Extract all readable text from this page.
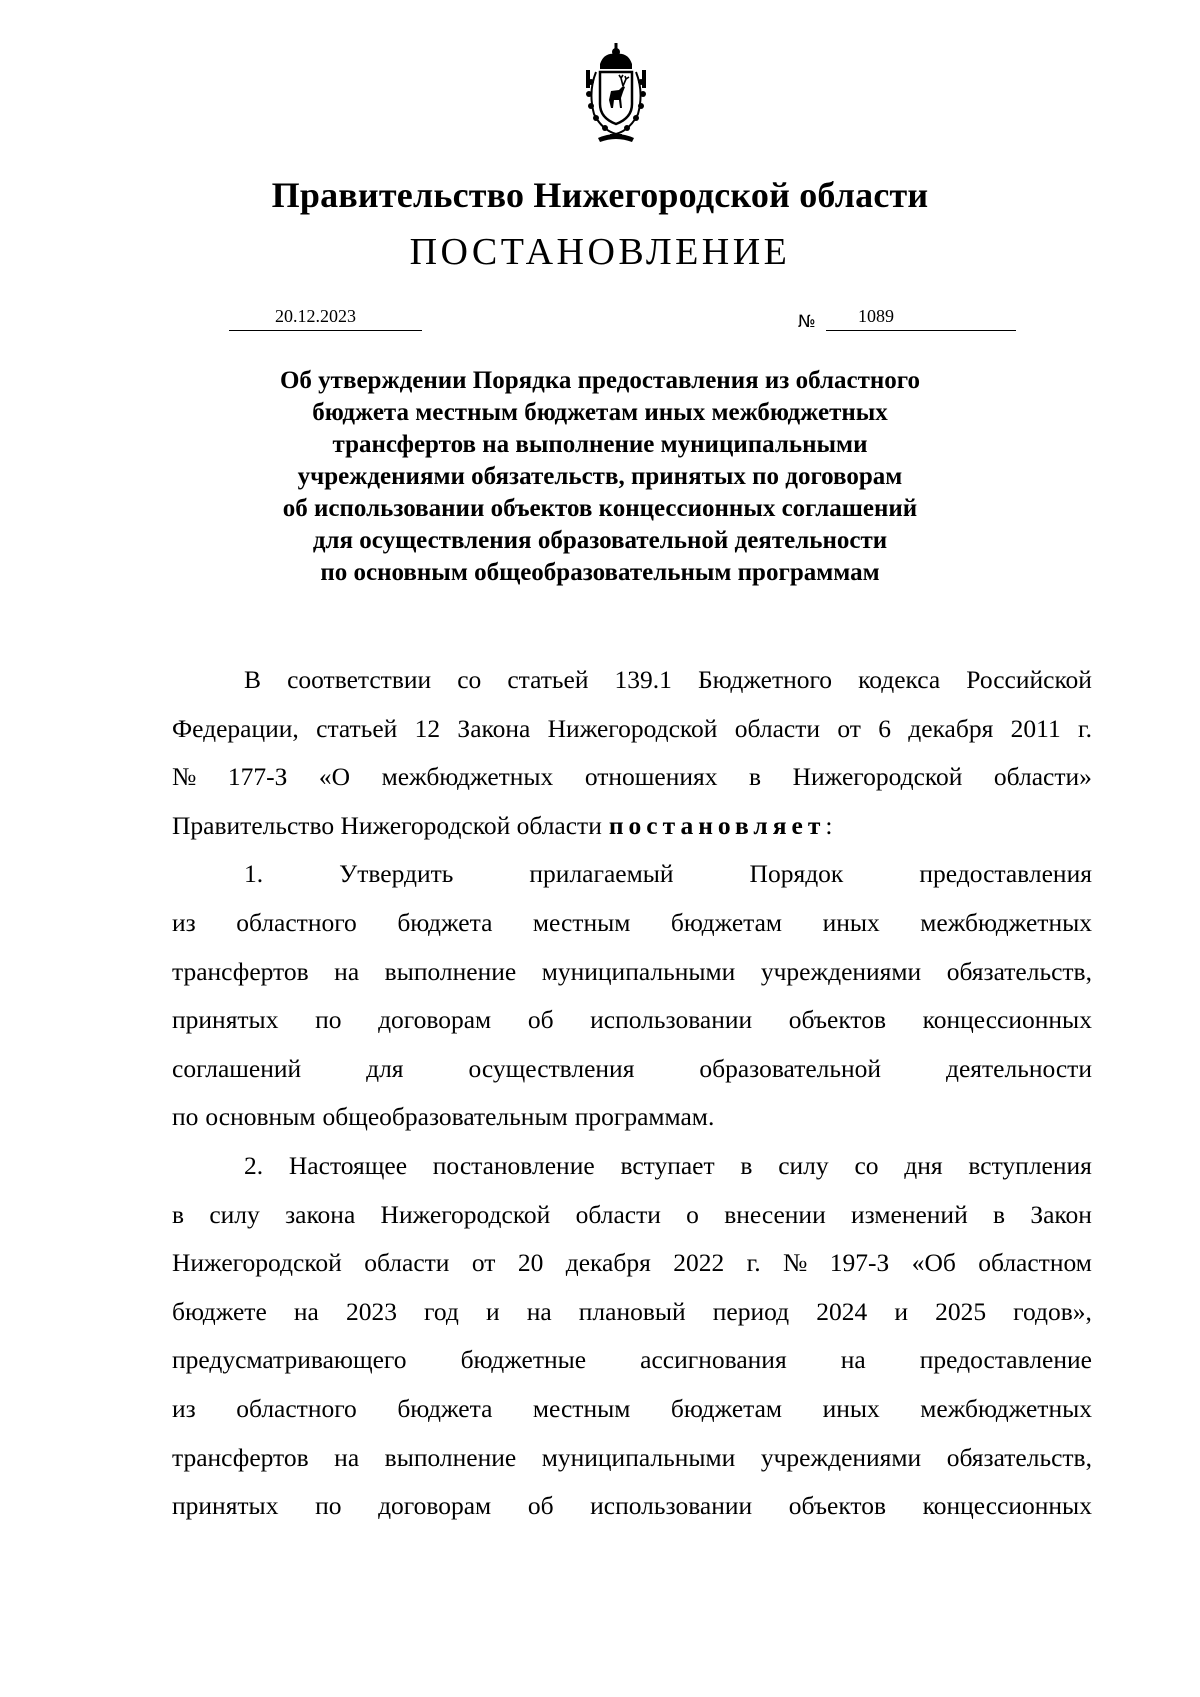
Правительство Нижегородской области
ПОСТАНОВЛЕНИЕ
20.12.2023	№ 1089
Об утверждении Порядка предоставления из областного
бюджета местным бюджетам иных межбюджетных
трансфертов на выполнение муниципальными
учреждениями обязательств, принятых по договорам
об использовании объектов концессионных соглашений
для осуществления образовательной деятельности
по основным общеобразовательным программам
В соответствии со статьей 139.1 Бюджетного кодекса Российской
Федерации, статьей 12 Закона Нижегородской области от 6 декабря 2011 г.
№ 177-З «О межбюджетных отношениях в Нижегородской области»
Правительство Нижегородской области постановляет :
1.	Утвердить	прилагаемый	Порядок	предоставления
из областного бюджета местным бюджетам иных межбюджетных
трансфертов на выполнение муниципальными учреждениями обязательств,
принятых по договорам об использовании объектов концессионных
соглашений	для	осуществления	образовательной	деятельности
по основным общеобразовательным программам.
2. Настоящее постановление вступает в силу со дня вступления
в силу закона Нижегородской области о внесении изменений в Закон
Нижегородской области от 20 декабря 2022 г. № 197-З «Об областном
бюджете на 2023 год и на плановый период 2024 и 2025 годов»,
предусматривающего бюджетные ассигнования на предоставление
из областного бюджета местным бюджетам иных межбюджетных
трансфертов на выполнение муниципальными учреждениями обязательств,
принятых по договорам об использовании объектов концессионных
